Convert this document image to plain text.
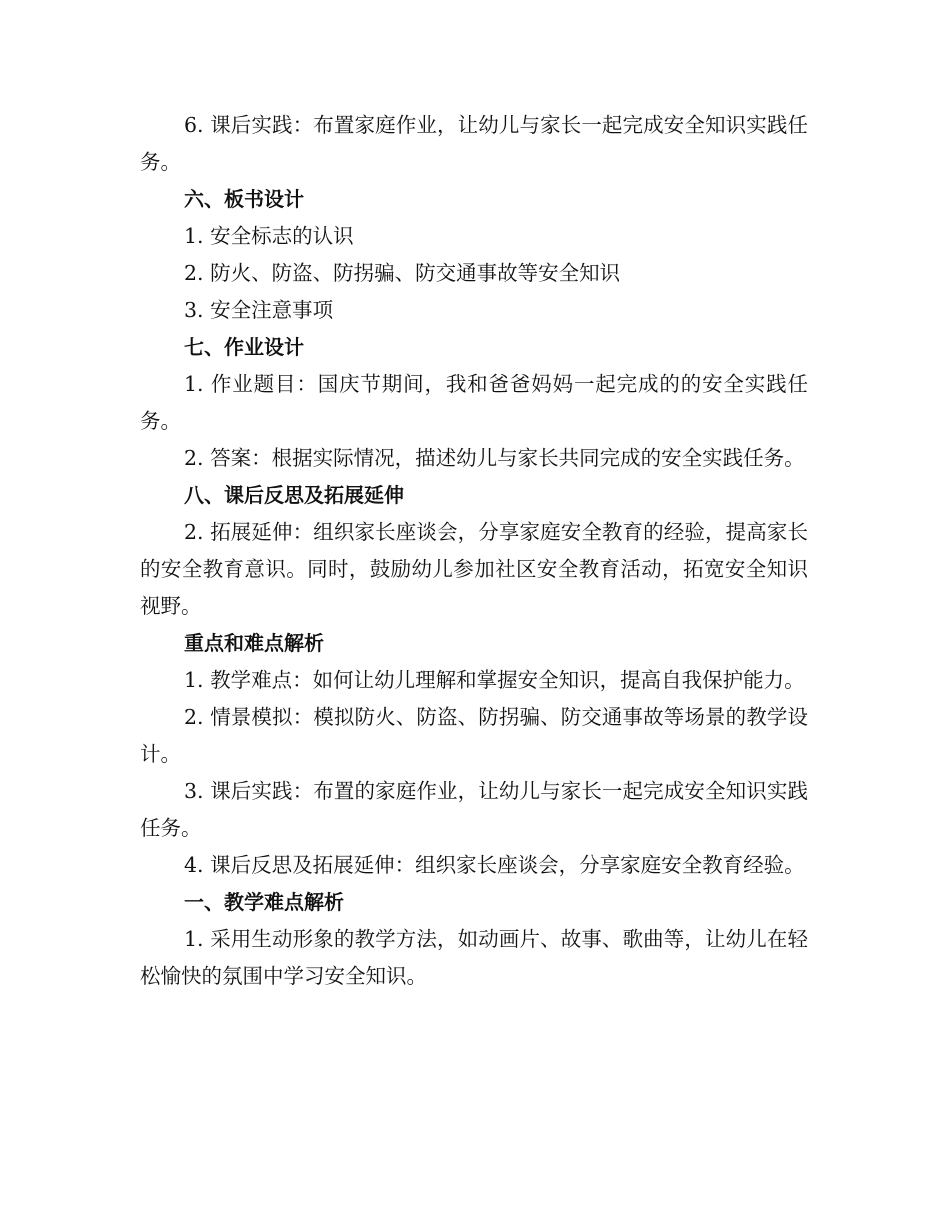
6. 课后实践：布置家庭作业，让幼儿与家长一起完成安全知识实践任务。

六、板书设计

1. 安全标志的认识

2. 防火、防盗、防拐骗、防交通事故等安全知识

3. 安全注意事项

七、作业设计

1. 作业题目：国庆节期间，我和爸爸妈妈一起完成的的安全实践任务。

2. 答案：根据实际情况，描述幼儿与家长共同完成的安全实践任务。

八、课后反思及拓展延伸

2. 拓展延伸：组织家长座谈会，分享家庭安全教育的经验，提高家长的安全教育意识。同时，鼓励幼儿参加社区安全教育活动，拓宽安全知识视野。

重点和难点解析

1. 教学难点：如何让幼儿理解和掌握安全知识，提高自我保护能力。

2. 情景模拟：模拟防火、防盗、防拐骗、防交通事故等场景的教学设计。

3. 课后实践：布置的家庭作业，让幼儿与家长一起完成安全知识实践任务。

4. 课后反思及拓展延伸：组织家长座谈会，分享家庭安全教育经验。

一、教学难点解析

1. 采用生动形象的教学方法，如动画片、故事、歌曲等，让幼儿在轻松愉快的氛围中学习安全知识。
